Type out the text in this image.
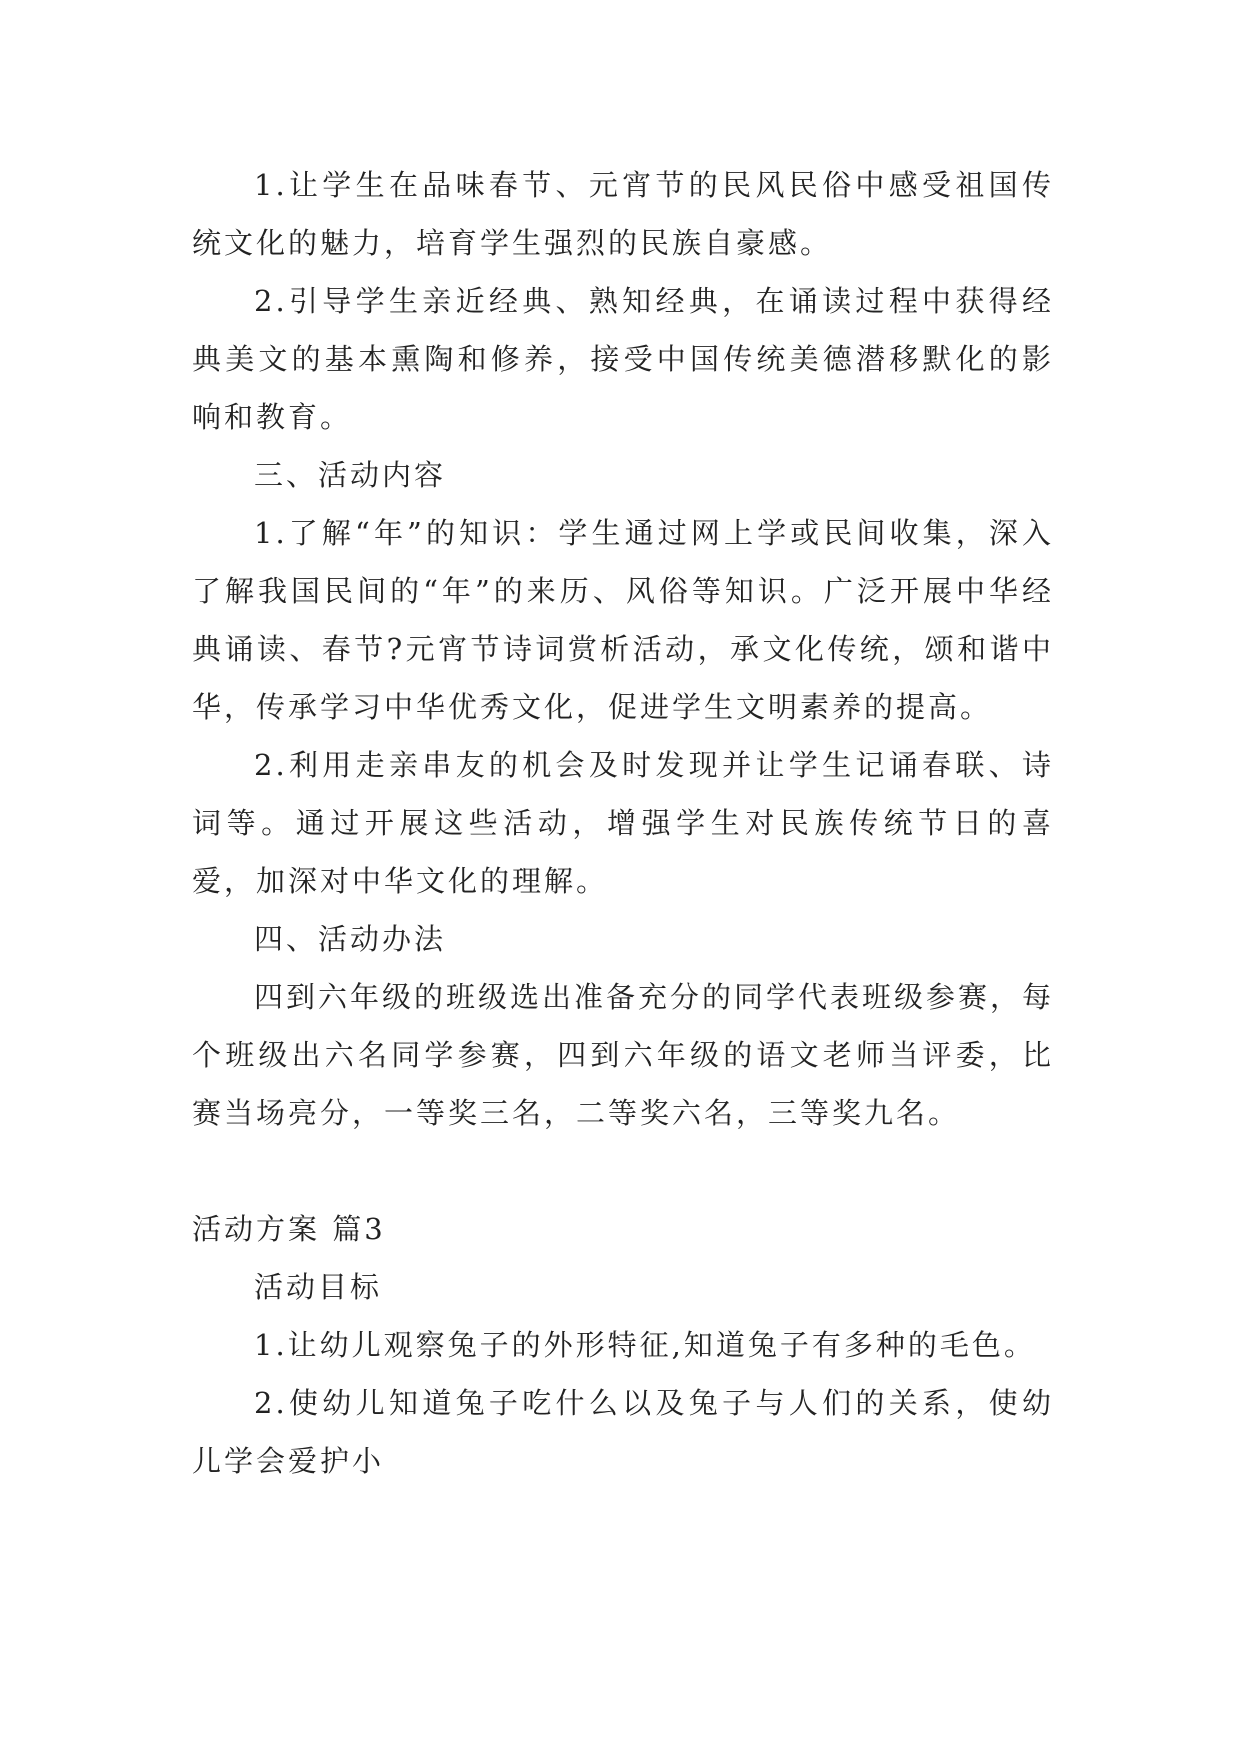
1.让学生在品味春节、元宵节的民风民俗中感受祖国传统文化的魅力，培育学生强烈的民族自豪感。

2.引导学生亲近经典、熟知经典，在诵读过程中获得经典美文的基本熏陶和修养，接受中国传统美德潜移默化的影响和教育。

三、活动内容

1.了解“年”的知识：学生通过网上学或民间收集，深入了解我国民间的“年”的来历、风俗等知识。广泛开展中华经典诵读、春节?元宵节诗词赏析活动，承文化传统，颂和谐中华，传承学习中华优秀文化，促进学生文明素养的提高。

2.利用走亲串友的机会及时发现并让学生记诵春联、诗词等。通过开展这些活动，增强学生对民族传统节日的喜爱，加深对中华文化的理解。

四、活动办法

四到六年级的班级选出准备充分的同学代表班级参赛，每个班级出六名同学参赛，四到六年级的语文老师当评委，比赛当场亮分，一等奖三名，二等奖六名，三等奖九名。

活动方案 篇3

活动目标

1.让幼儿观察兔子的外形特征,知道兔子有多种的毛色。

2.使幼儿知道兔子吃什么以及兔子与人们的关系，使幼儿学会爱护小
